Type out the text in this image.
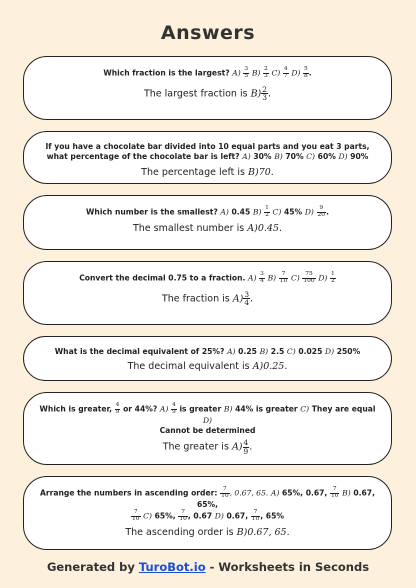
Answers
Which fraction is the largest? $A) \frac{3}{5} B) \frac{2}{3} C) \frac{4}{7} D) \frac{5}{8}$ .
The largest fraction is $B) \frac{2}{3}$ .
If you have a chocolate bar divided into 10 equal parts and you eat 3 parts, what percentage of the chocolate bar is left? A) 30% B) 70% C) 60% D) 90%
The percentage left is B)70.
Which number is the smallest? A) 0.45 $B) \frac{1}{2} C$) 45% $D) \frac{9}{20}$ .
The smallest number is A)0.45.
Convert the decimal 0.75 to a fraction. $A) \frac{3}{4} B) \frac{7}{10} C) \frac{75}{100} D) \frac{1}{2}$
The fraction is $A) \frac{3}{4}$ .
What is the decimal equivalent of 25%? A) 0.25 B) 2.5 C) 0.025 D) 250%
The decimal equivalent is A)0.25.
Which is greater, $\frac{4}{9}$ or 44%? $A) \frac{4}{9}$ is greater B) 44% is greater C) They are equal D)
Cannot be determined
The greater is $A) \frac{4}{9}$ .
Arrange the numbers in ascending order: $\frac{7}{10}$ , 0.67, 65. A) 65%, 0.67, $\frac{7}{10} B$) 0.67, 65%,

$\frac{7}{10} C$) 65%, $\frac{7}{10}$ , 0.67 D) 0.67, $\frac{7}{10}$ , 65%
The ascending order is B)0.67, 65.
Generated by TuroBot.io - Worksheets in Seconds
